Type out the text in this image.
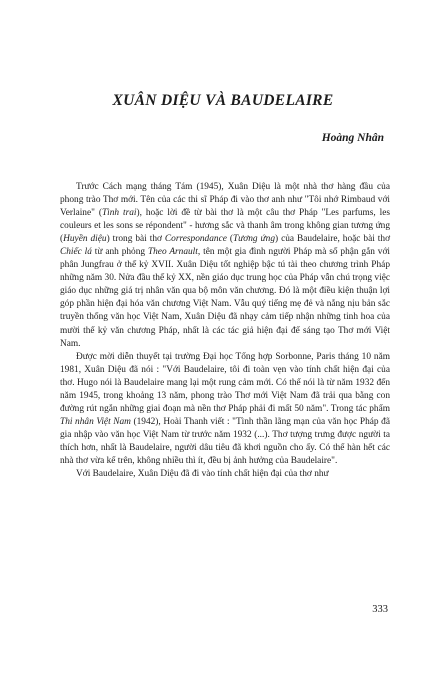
XUÂN DIỆU VÀ BAUDELAIRE
Hoàng Nhân

Trước Cách mạng tháng Tám (1945), Xuân Diệu là một nhà thơ hàng đầu của phong trào Thơ mới. Tên của các thi sĩ Pháp đi vào thơ anh như "Tôi nhớ Rimbaud với Verlaine" (Tình trai), hoặc lời đề từ bài thơ là một câu thơ Pháp "Les parfums, les couleurs et les sons se répondent" - hương sắc và thanh âm trong không gian tương ứng (Huyền diệu) trong bài thơ Correspondance (Tương ứng) của Baudelaire, hoặc bài thơ Chiếc lá từ anh phỏng Theo Arnault, tên một gia đình người Pháp mà số phận gắn với phân Jungfrau ở thế kỷ XVII. Xuân Diệu tốt nghiệp bậc tú tài theo chương trình Pháp những năm 30. Nửa đầu thế kỷ XX, nền giáo dục trung học của Pháp vẫn chú trọng việc giáo dục những giá trị nhân văn qua bộ môn văn chương. Đó là một điều kiện thuận lợi góp phần hiện đại hóa văn chương Việt Nam. Vẫu quý tiếng mẹ đẻ và nắng nịu bản sắc truyền thống văn học Việt Nam, Xuân Diệu đã nhạy cảm tiếp nhận những tinh hoa của mười thế kỷ văn chương Pháp, nhất là các tác giả hiện đại để sáng tạo Thơ mới Việt Nam.

Được mời diễn thuyết tại trường Đại học Tổng hợp Sorbonne, Paris tháng 10 năm 1981, Xuân Diệu đã nói : "Với Baudelaire, tôi đi toàn vẹn vào tính chất hiện đại của thơ. Hugo nói là Baudelaire mang lại một rung cảm mới. Có thể nói là từ năm 1932 đến năm 1945, trong khoảng 13 năm, phong trào Thơ mới Việt Nam đã trải qua bằng con đường rút ngắn những giai đoạn mà nền thơ Pháp phải đi mất 50 năm". Trong tác phẩm Thi nhân Việt Nam (1942), Hoài Thanh viết : "Tình thần lãng mạn của văn học Pháp đã gia nhập vào văn học Việt Nam từ trước năm 1932 (...). Thơ tượng trưng được người ta thích hơn, nhất là Baudelaire, người dâu tiêu đã khơi nguồn cho ấy. Có thể hàn hết các nhà thơ vừa kể trên, không nhiều thì ít, đều bị ảnh hưởng của Baudelaire".

Với Baudelaire, Xuân Diệu đã đi vào tính chất hiện đại của thơ như

333
